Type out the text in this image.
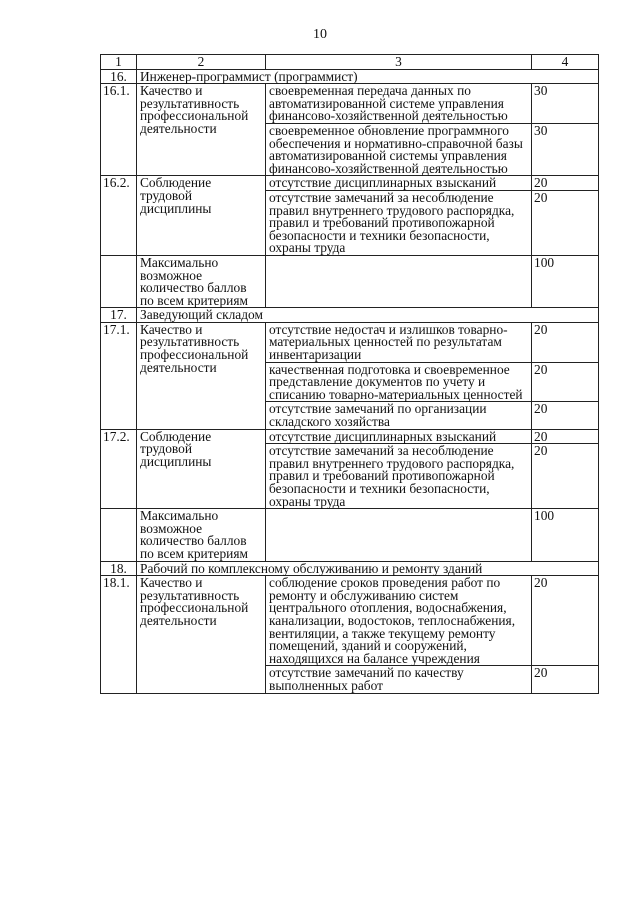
10
1	2	3	4
16.	Инженер-программист (программист)		
16.1.	Качество и результативность профессиональной деятельности	своевременная передача данных по автоматизированной системе управления финансово-хозяйственной деятельностью	30
		своевременное обновление программного обеспечения и нормативно-справочной базы автоматизированной системы управления финансово-хозяйственной деятельностью	30
16.2.	Соблюдение трудовой дисциплины	отсутствие дисциплинарных взысканий	20
		отсутствие замечаний за несоблюдение правил внутреннего трудового распорядка, правил и требований противопожарной безопасности и техники безопасности, охраны труда	20
	Максимально возможное количество баллов по всем критериям		100
17.	Заведующий складом		
17.1.	Качество и результативность профессиональной деятельности	отсутствие недостач и излишков товарно-материальных ценностей по результатам инвентаризации	20
		качественная подготовка и своевременное представление документов по учету и списанию товарно-материальных ценностей	20
		отсутствие замечаний по организации складского хозяйства	20
17.2.	Соблюдение трудовой дисциплины	отсутствие дисциплинарных взысканий	20
		отсутствие замечаний за несоблюдение правил внутреннего трудового распорядка, правил и требований противопожарной безопасности и техники безопасности, охраны труда	20
	Максимально возможное количество баллов по всем критериям		100
18.	Рабочий по комплексному обслуживанию и ремонту зданий		
18.1.	Качество и результативность профессиональной деятельности	соблюдение сроков проведения работ по ремонту и обслуживанию систем центрального отопления, водоснабжения, канализации, водостоков, теплоснабжения, вентиляции, а также текущему ремонту помещений, зданий и сооружений, находящихся на балансе учреждения	20
		отсутствие замечаний по качеству выполненных работ	20
